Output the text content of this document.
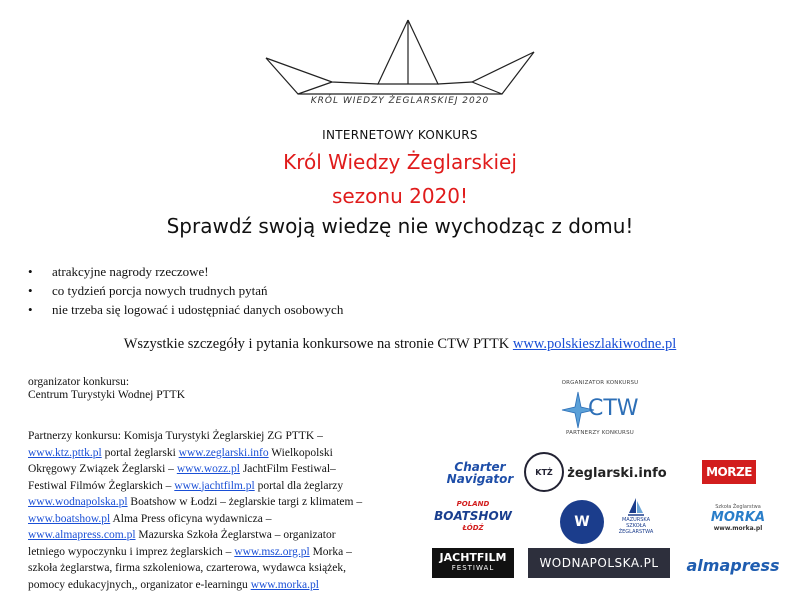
KRÓL WIEDZY ŻEGLARSKIEJ 2020
INTERNETOWY KONKURS
Król Wiedzy Żeglarskiej
sezonu 2020!
Sprawdź swoją wiedzę nie wychodząc z domu!
•	atrakcyjne nagrody rzeczowe!
•	co tydzień porcja nowych trudnych pytań
•	nie trzeba się logować i udostępniać danych osobowych
Wszystkie szczegóły i pytania konkursowe na stronie CTW PTTK www.polskieszlakiwodne.pl

organizator konkursu:

Centrum Turystyki Wodnej PTTK

Partnerzy konkursu: Komisja Turystyki Żeglarskiej ZG PTTK –

www.ktz.pttk.pl portal żeglarski www.zeglarski.info Wielkopolski

Okręgowy Związek Żeglarski – www.wozz.pl JachtFilm Festiwal–

Festiwal Filmów Żeglarskich – www.jachtfilm.pl portal dla żeglarzy

www.wodnapolska.pl Boatshow w Łodzi – żeglarskie targi z klimatem –

www.boatshow.pl Alma Press oficyna wydawnicza –

www.almapress.com.pl Mazurska Szkoła Żeglarstwa – organizator

letniego wypoczynku i imprez żeglarskich – www.msz.org.pl Morka –

szkoła żeglarstwa, firma szkoleniowa, czarterowa, wydawca książek,

pomocy edukacyjnych,, organizator e-learningu www.morka.pl

ORGANIZATOR KONKURSU
CTW
PARTNERZY KONKURSU
Charter
Navigator	KTŻ	żeglarski.info	MORZE
POLAND
BOATSHOW
ŁÓDŹ	W	MAZURSKA
SZKOŁA
ŻEGLARSTWA
Szkoła Żeglarstwa
MORKA
www.morka.pl
JACHTFILM
FESTIWAL	WODNAPOLSKA.PL	almapress
